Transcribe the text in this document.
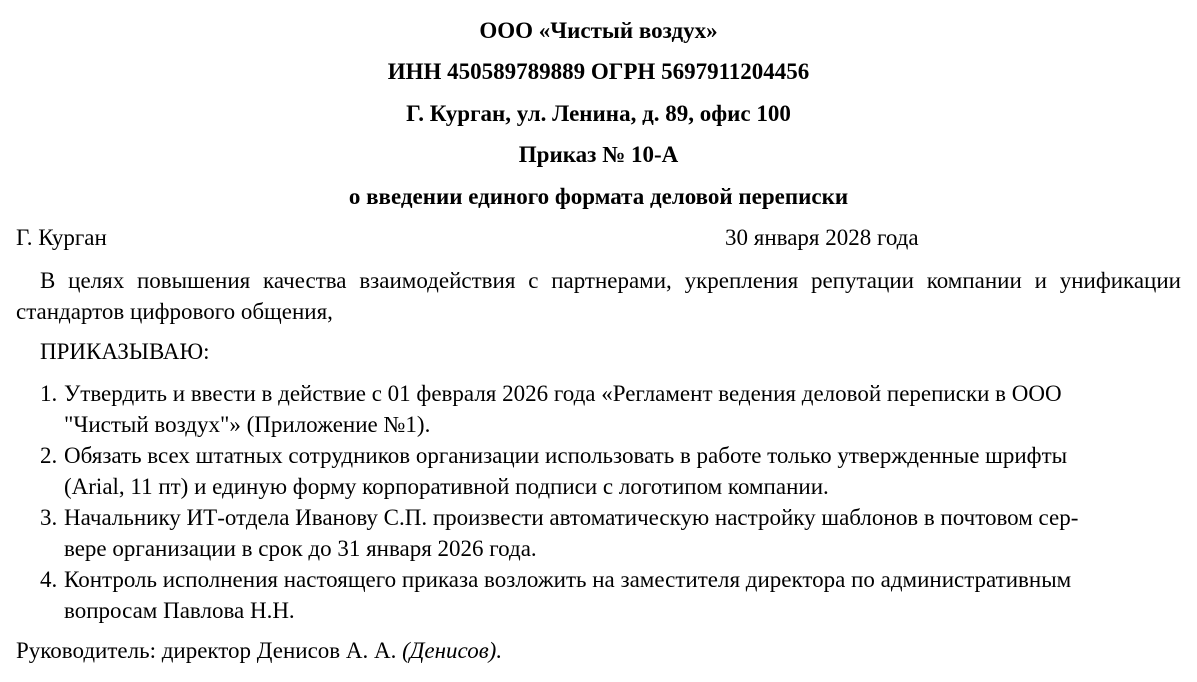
ООО «Чистый воздух»
ИНН 450589789889 ОГРН 5697911204456
Г. Курган, ул. Ленина, д. 89, офис 100
Приказ № 10-А
о введении единого формата деловой переписки
Г. Курган	30 января 2028 года
В целях повышения качества взаимодействия с партнерами, укрепления репутации компании и унификации стандартов цифрового общения,
ПРИКАЗЫВАЮ:
1. Утвердить и ввести в действие с 01 февраля 2026 года «Регламент ведения деловой переписки в ООО
"Чистый воздух"» (Приложение №1).
2. Обязать всех штатных сотрудников организации использовать в работе только утвержденные шрифты
(Arial, 11 пт) и единую форму корпоративной подписи с логотипом компании.
3. Начальнику ИТ-отдела Иванову С.П. произвести автоматическую настройку шаблонов в почтовом сер-
вере организации в срок до 31 января 2026 года.
4. Контроль исполнения настоящего приказа возложить на заместителя директора по административным
вопросам Павлова Н.Н.
Руководитель: директор Денисов А. А. (Денисов).
